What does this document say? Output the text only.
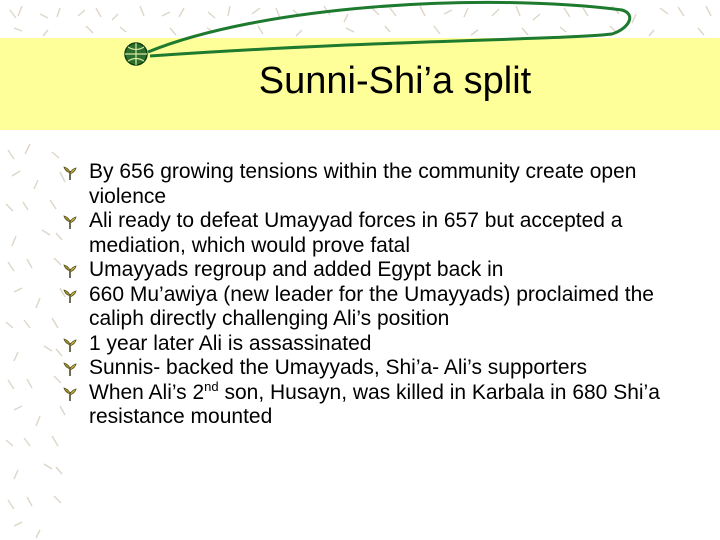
Sunni-Shi’a split
By 656 growing tensions within the community create open violence
Ali ready to defeat Umayyad forces in 657 but accepted a mediation, which would prove fatal
Umayyads regroup and added Egypt back in
660 Mu’awiya (new leader for the Umayyads) proclaimed the caliph directly challenging Ali’s position
1 year later Ali is assassinated
Sunnis- backed the Umayyads, Shi’a- Ali’s supporters
When Ali’s 2nd son, Husayn, was killed in Karbala in 680 Shi’a resistance mounted
